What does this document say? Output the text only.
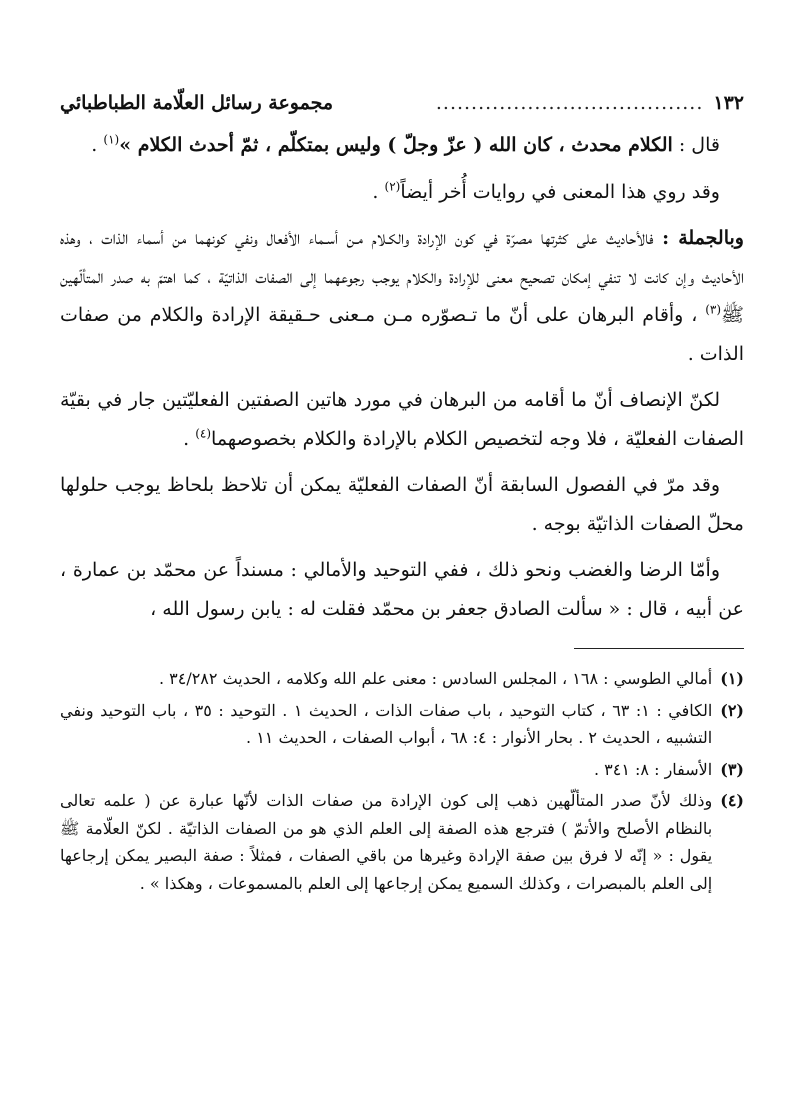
١٣٢
......................................
مجموعة رسائل العلّامة الطباطبائي

قال : الكلام محدث ، كان الله ( عزّ وجلّ ) وليس بمتكلّم ، ثمّ أحدث الكلام »$^{(١)}$ .

وقد روي هذا المعنى في روايات أُخر أيضاً$^{(٢)}$ .

وبالجملة : فالأحاديث على كثرتها مصرّة في كون الإرادة والكـلام مـن أسـماء الأفعال ونفي كونهما من أسماء الذات ، وهذه الأحاديث وإن كانت لا تنفي إمكان تصحيح معنى للإرادة والكلام يوجب رجوعهما إلى الصفات الذاتيّة ، كما اهتمّ به صدر المتألّهين ﷺ$^{(٣)}$ ، وأقام البرهان على أنّ ما تـصوّره مـن مـعنى حـقيقة الإرادة والكلام من صفات الذات .

لكنّ الإنصاف أنّ ما أقامه من البرهان في مورد هاتين الصفتين الفعليّتين جار في بقيّة الصفات الفعليّة ، فلا وجه لتخصيص الكلام بالإرادة والكلام بخصوصهما$^{(٤)}$ .

وقد مرّ في الفصول السابقة أنّ الصفات الفعليّة يمكن أن تلاحظ بلحاظ يوجب حلولها محلّ الصفات الذاتيّة بوجه .

وأمّا الرضا والغضب ونحو ذلك ، ففي التوحيد والأمالي : مسنداً عن محمّد بن عمارة ، عن أبيه ، قال : « سألت الصادق جعفر بن محمّد فقلت له : يابن رسول الله ،

(١)
أمالي الطوسي : ١٦٨ ، المجلس السادس : معنى علم الله وكلامه ، الحديث ٣٤/٢٨٢ .
(٢)
الكافي : ١: ٦٣ ، كتاب التوحيد ، باب صفات الذات ، الحديث ١ . التوحيد : ٣٥ ، باب التوحيد ونفي التشبيه ، الحديث ٢ . بحار الأنوار : ٤: ٦٨ ، أبواب الصفات ، الحديث ١١ .
(٣)
الأسفار : ٨: ٣٤١ .
(٤)
وذلك لأنّ صدر المتألّهين ذهب إلى كون الإرادة من صفات الذات لأنّها عبارة عن ( علمه تعالى بالنظام الأصلح والأتمّ ) فترجع هذه الصفة إلى العلم الذي هو من الصفات الذاتيّة . لكنّ العلّامة ﷺ يقول : « إنّه لا فرق بين صفة الإرادة وغيرها من باقي الصفات ، فمثلاً : صفة البصير يمكن إرجاعها إلى العلم بالمبصرات ، وكذلك السميع يمكن إرجاعها إلى العلم بالمسموعات ، وهكذا » .
